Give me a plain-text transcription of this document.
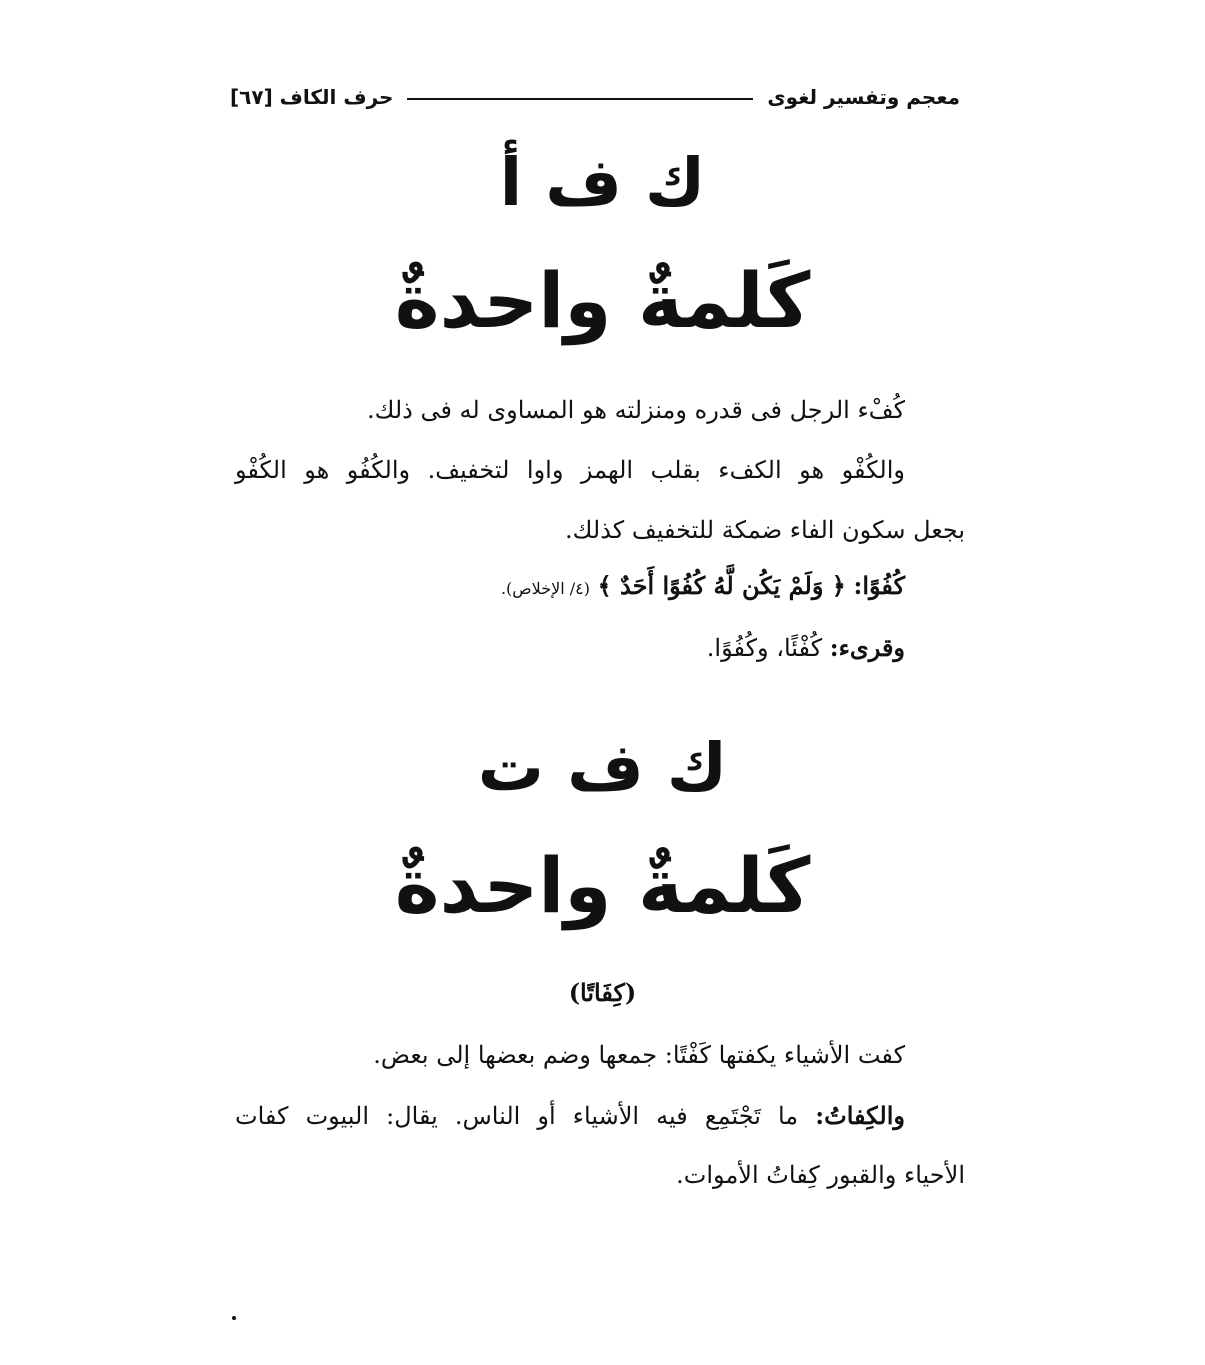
معجم وتفسير لغوى
حرف الكاف [٦٧]
ك ف أ
كَلمةٌ واحدةٌ
كُفْء الرجل فى قدره ومنزلته هو المساوى له فى ذلك.
والكُفْو هو الكفء بقلب الهمز واوا لتخفيف. والكُفُو هو الكُفْو
بجعل سكون الفاء ضمكة للتخفيف كذلك.
كُفُوًا: ﴿ وَلَمْ يَكُن لَّهُ كُفُوًا أَحَدٌ ﴾ (٤/ الإخلاص).
وقرىء: كُفْئًا، وكُفُوًا.
ك ف ت
كَلمةٌ واحدةٌ
(كِفَاتًا)
كفت الأشياء يكفتها كَفْتًا: جمعها وضم بعضها إلى بعض.
والكِفاتُ: ما تَجْتَمِع فيه الأشياء أو الناس. يقال: البيوت كفات
الأحياء والقبور كِفاتُ الأموات.
